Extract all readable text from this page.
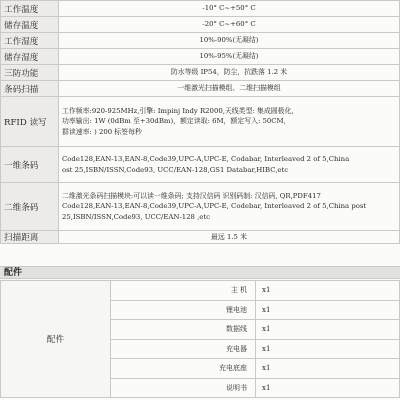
工作温度	-10° C~+50° C

储存温度	-20° C~+60° C

工作湿度	10%-90%(无凝结)

储存湿度	10%-95%(无凝结)

三防功能	防水等级 IP54，防尘，抗跌落 1.2 米

条码扫描	一维激光扫描模组、二维扫描模组

RFID 读写	工作频率:920-925MHz,引擎: Impinj Indy R2000,天线类型: 集成圆极化,
功率输出: 1W (0dBm 至+30dBm)，额定读取: 6M，额定写入: 50CM，
群读速率: ) 200 标签每秒

一维条码	Code128,EAN-13,EAN-8,Code39,UPC-A,UPC-E, Codabar, Interleaved 2 of 5,China
ost 25,ISBN/ISSN,Code93, UCC/EAN-128,GS1 Databar,HIBC,etc

二维条码	二维激光条码扫描模块:可以读一维条码; 支持汉信码 识别码制: 汉信码, QR,PDF417
Code128,EAN-13,EAN-8,Code39,UPC-A,UPC-E, Codebar, Interleaved 2 of 5,China post
25,ISBN/ISSN,Code93, UCC/EAN-128 ,etc

扫描距离	最远 1.5 米
配件
配件	主 机	x1
	锂电池	x1
	数据线	x1
	充电器	x1
	充电底座	x1
	说明书	x1
